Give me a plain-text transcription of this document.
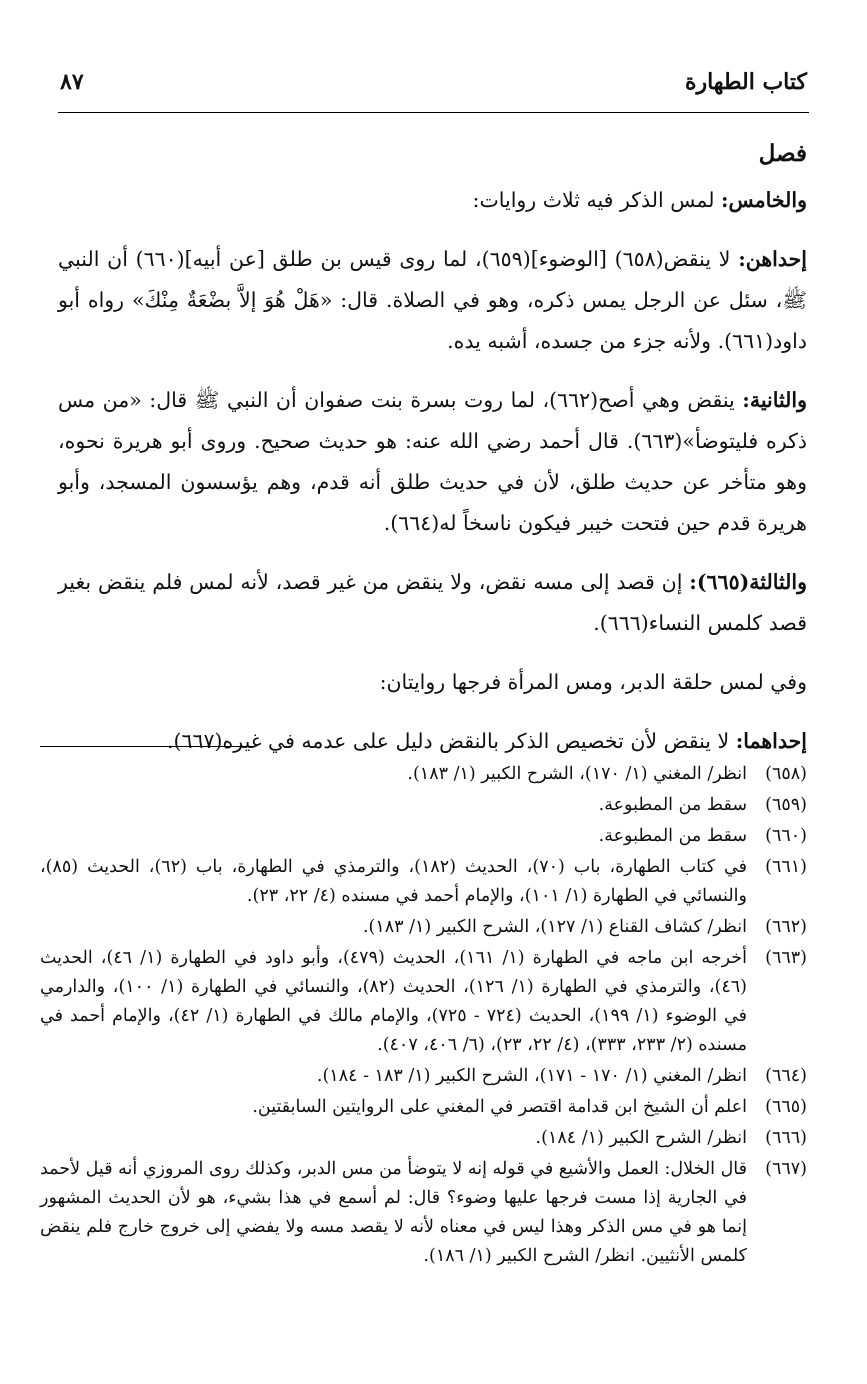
كتاب الطهارة
٨٧
فصل

والخامس: لمس الذكر فيه ثلاث روايات:

إحداهن: لا ينقض(٦٥٨) [الوضوء](٦٥٩)، لما روى قيس بن طلق [عن أبيه](٦٦٠) أن النبي ﷺ، سئل عن الرجل يمس ذكره، وهو في الصلاة. قال: «هَلْ هُوَ إلاَّ بضْعَةٌ مِنْكَ» رواه أبو داود(٦٦١). ولأنه جزء من جسده، أشبه يده.

والثانية: ينقض وهي أصح(٦٦٢)، لما روت بسرة بنت صفوان أن النبي ﷺ قال: «من مس ذكره فليتوضأ»(٦٦٣). قال أحمد رضي الله عنه: هو حديث صحيح. وروى أبو هريرة نحوه، وهو متأخر عن حديث طلق، لأن في حديث طلق أنه قدم، وهم يؤسسون المسجد، وأبو هريرة قدم حين فتحت خيبر فيكون ناسخاً له(٦٦٤).

والثالثة(٦٦٥): إن قصد إلى مسه نقض، ولا ينقض من غير قصد، لأنه لمس فلم ينقض بغير قصد كلمس النساء(٦٦٦).

وفي لمس حلقة الدبر، ومس المرأة فرجها روايتان:

إحداهما: لا ينقض لأن تخصيص الذكر بالنقض دليل على عدمه في غيره(٦٦٧).

(٦٥٨)
انظر/ المغني (١/ ١٧٠)، الشرح الكبير (١/ ١٨٣).
(٦٥٩)
سقط من المطبوعة.
(٦٦٠)
سقط من المطبوعة.
(٦٦١)
في كتاب الطهارة، باب (٧٠)، الحديث (١٨٢)، والترمذي في الطهارة، باب (٦٢)، الحديث (٨٥)، والنسائي في الطهارة (١/ ١٠١)، والإمام أحمد في مسنده (٤/ ٢٢، ٢٣).
(٦٦٢)
انظر/ كشاف القناع (١/ ١٢٧)، الشرح الكبير (١/ ١٨٣).
(٦٦٣)
أخرجه ابن ماجه في الطهارة (١/ ١٦١)، الحديث (٤٧٩)، وأبو داود في الطهارة (١/ ٤٦)، الحديث (٤٦)، والترمذي في الطهارة (١/ ١٢٦)، الحديث (٨٢)، والنسائي في الطهارة (١/ ١٠٠)، والدارمي في الوضوء (١/ ١٩٩)، الحديث (٧٢٤ - ٧٢٥)، والإمام مالك في الطهارة (١/ ٤٢)، والإمام أحمد في مسنده (٢/ ٢٣٣، ٣٣٣)، (٤/ ٢٢، ٢٣)، (٦/ ٤٠٦، ٤٠٧).
(٦٦٤)
انظر/ المغني (١/ ١٧٠ - ١٧١)، الشرح الكبير (١/ ١٨٣ - ١٨٤).
(٦٦٥)
اعلم أن الشيخ ابن قدامة اقتصر في المغني على الروايتين السابقتين.
(٦٦٦)
انظر/ الشرح الكبير (١/ ١٨٤).
(٦٦٧)
قال الخلال: العمل والأشيع في قوله إنه لا يتوضأ من مس الدبر، وكذلك روى المروزي أنه قيل لأحمد في الجارية إذا مست فرجها عليها وضوء؟ قال: لم أسمع في هذا بشيء، هو لأن الحديث المشهور إنما هو في مس الذكر وهذا ليس في معناه لأنه لا يقصد مسه ولا يفضي إلى خروج خارج فلم ينقض كلمس الأنثيين. انظر/ الشرح الكبير (١/ ١٨٦).
